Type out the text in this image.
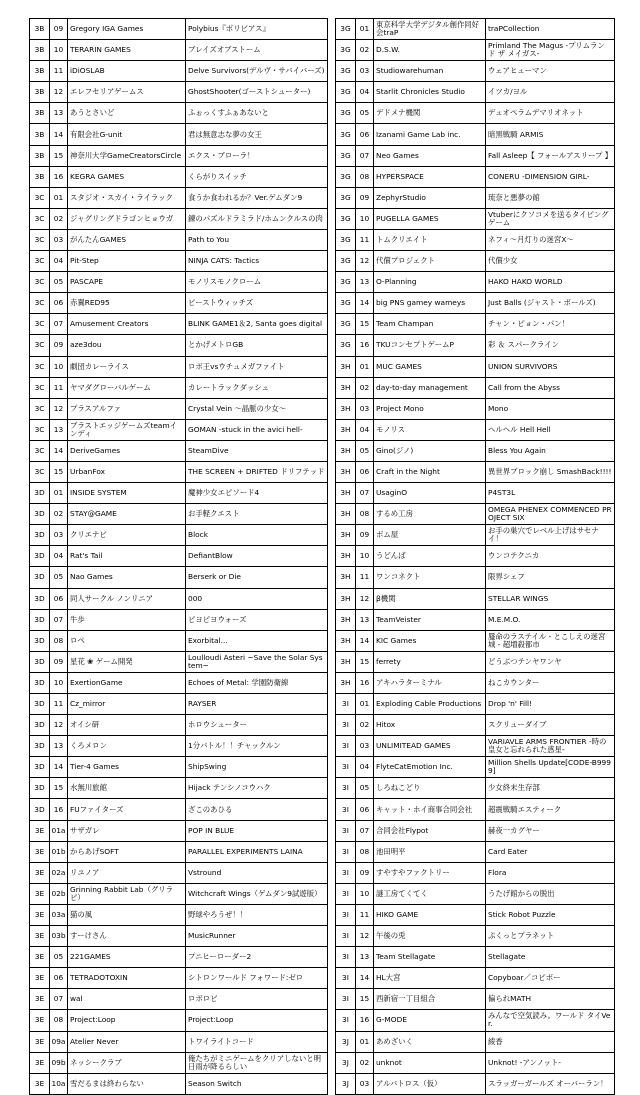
3B	09	Gregory IGA Games	Polybius『ポリビアス』
3B	10	TERARIN GAMES	ブレイズオブストーム
3B	11	iDiOSLAB	Delve Survivors(デルヴ・サバイバーズ)
3B	12	エレフセリアゲームス	GhostShooter(ゴーストシューター)
3B	13	あうとさいど	ふぉっくすふぁあないと
3B	14	有限会社G-unit	君は無意志な夢の女王
3B	15	神奈川大学GameCreatorsCircle	エクス・ブローラ！
3B	16	KEGRA GAMES	くらがりスイッチ
3C	01	スタジオ・スカイ・ライラック	食うか食われるか？Ver.ゲムダン9
3C	02	ジャグリングドラゴンヒョウガ	錬のパズルドラミラド/ホムンクルスの肉
3C	03	がんたんGAMES	Path to You
3C	04	Pit-Step	NINJA CATS: Tactics
3C	05	PASCAPE	モノリスモノクローム
3C	06	赤翼RED95	ビーストウィッチズ
3C	07	Amusement Creators	BLINK GAME1＆2, Santa goes digital
3C	09	aze3dou	とかげメトロGB
3C	10	劇団カレーライス	ロボ王vsウチュメガファイト
3C	11	ヤマダグローバルゲーム	カレートラックダッシュ
3C	12	プラスアルファ	Crystal Vein ～晶脈の少女～
3C	13	ブラストエッジゲームズteamインディ	GOMAN -stuck in the avici hell-
3C	14	DeriveGames	SteamDive
3C	15	UrbanFox	THE SCREEN + DRIFTED ドリフテッド
3D	01	INSIDE SYSTEM	魔神少女エピソード4
3D	02	STAY@GAME	お手軽クエスト
3D	03	クリエナビ	Block
3D	04	Rat's Tail	DefiantBlow
3D	05	Nao Games	Berserk or Die
3D	06	同人サークル ノンリニア	000
3D	07	牛歩	ピヨピヨウォーズ
3D	08	ロペ	Exorbital...
3D	09	星花 ❀ ゲーム開発	Loulloudi Asteri ~Save the Solar System~
3D	10	ExertionGame	Echoes of Metal: 学園防衛線
3D	11	Cz_mirror	RAYSER
3D	12	オイシ研	ホロウシューター
3D	13	くろメロン	1分バトル！！チャックルン
3D	14	Tier-4 Games	ShipSwing
3D	15	水無川旅館	Hijack テンシノコウハク
3D	16	FUファイターズ	ざこのあひる
3E	01a	サザガレ	POP IN BLUE
3E	01b	からあげSOFT	PARALLEL EXPERIMENTS LAINA
3E	02a	リユノア	Vstround
3E	02b	Grinning Rabbit Lab（グリラビ）	Witchcraft Wings（ゲムダン9試遊版）
3E	03a	猫の風	野球やろうぜ！！
3E	03b	すーけさん	MusicRunner
3E	05	221GAMES	プニヒーローダー2
3E	06	TETRADOTOXIN	シトロンワールド フォワード:ゼロ
3E	07	wal	ロボロビ
3E	08	Project:Loop	Project:Loop
3E	09a	Atelier Never	トワイライトコード
3E	09b	ネッシークラブ	俺たちがミニゲームをクリアしないと明日雨が降るらしい
3E	10a	雪だるまは終わらない	Season Switch
3G	01	東京科学大学デジタル創作同好会traP	traPCollection
3G	02	D.S.W.	Primland The Magus -プリムランド ザ メイガス-
3G	03	Studiowarehuman	ウェアヒューマン
3G	04	Starlit Chronicles Studio	イツカ/ヨル
3G	05	デドメナ機関	デュオペラムデマリオネット
3G	06	Izanami Game Lab inc.	暗黒戦騎 ARMIS
3G	07	Neo Games	Fall Asleep【 フォールアスリープ 】
3G	08	HYPERSPACE	CONERU -DIMENSION GIRL-
3G	09	ZephyrStudio	琉奈と悪夢の館
3G	10	PUGELLA GAMES	Vtuberにクソコメを送るタイピングゲーム
3G	11	トムクリエイト	ネフィ～月灯りの迷宮X～
3G	12	代償プロジェクト	代償少女
3G	13	O-Planning	HAKO HAKO WORLD
3G	14	big PNS gamey wameys	Just Balls (ジャスト・ボールズ)
3G	15	Team Champan	チャン・ピョン・パン！
3G	16	TKUコンセプトゲームP	彩 ＆ スパークライン
3H	01	MUC GAMES	UNION SURVIVORS
3H	02	day-to-day management	Call from the Abyss
3H	03	Project Mono	Mono
3H	04	モノリス	ヘルヘル Hell Hell
3H	05	Gino(ジノ)	Bless You Again
3H	06	Craft in the Night	異世界ブロック崩し SmashBack!!!!
3H	07	UsaginO	P4ST3L
3H	08	するめ工房	OMEGA PHENEX COMMENCED PROJECT SIX
3H	09	ボム屋	お手の巣穴でレベル上げはサセナイ！
3H	10	うどんば	ウンコテクニカ
3H	11	ワンコネクト	限界シェフ
3H	12	β機関	STELLAR WINGS
3H	13	TeamVeister	M.E.M.O.
3H	14	KIC Games	蜃命のラステイル - とこしえの迷宮城 - 超増殺都市
3H	15	ferrety	どうぶつテンヤワンヤ
3H	16	アキハラターミナル	ねこカウンター
3I	01	Exploding Cable Productions	Drop 'n' Fill!
3I	02	Hitox	スクリューダイブ
3I	03	UNLIMITEAD GAMES	VARIAVLE ARMS FRONTIER -時の皇女と忘れられた惑星-
3I	04	FlyteCatEmotion Inc.	Million Shells Update[CODE-B9999]
3I	05	しろねこどり	少女終末生存部
3I	06	キャット・ホイ商事合同会社	超震戦騎エスティーク
3I	07	合同会社Flypot	赫夜一カグヤー
3I	08	池田明平	Card Eater
3I	09	すやすやファクトリー	Flora
3I	10	謎工房てくてく	うたげ館からの脱出
3I	11	HIKO GAME	Stick Robot Puzzle
3I	12	午後の兎	ぷくっとプラネット
3I	13	Team Stellagate	Stellagate
3I	14	HL大宮	Copyboar／コピボー
3I	15	西新宿一丁目組合	偏られMATH
3I	16	G-MODE	みんなで空気読み。ワールド タイVer.
3J	01	あめざいく	綾香
3J	02	unknot	Unknot! -アンノット-
3J	03	アルバトロス（仮）	スラッガーガールズ オーバーラン！
